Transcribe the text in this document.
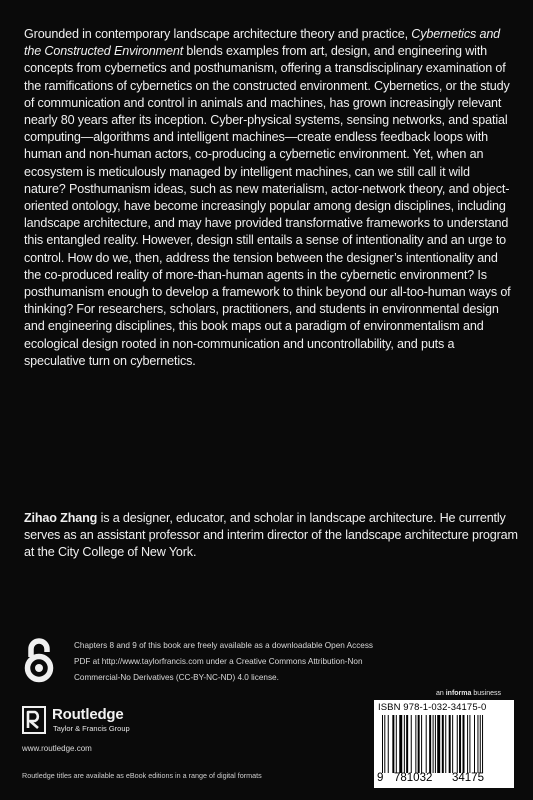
Grounded in contemporary landscape architecture theory and practice, Cybernetics and the Constructed Environment blends examples from art, design, and engineering with concepts from cybernetics and posthumanism, offering a transdisciplinary examination of the ramifications of cybernetics on the constructed environment. Cybernetics, or the study of communication and control in animals and machines, has grown increasingly relevant nearly 80 years after its inception. Cyber-physical systems, sensing networks, and spatial computing—algorithms and intelligent machines—create endless feedback loops with human and non-human actors, co-producing a cybernetic environment. Yet, when an ecosystem is meticulously managed by intelligent machines, can we still call it wild nature? Posthumanism ideas, such as new materialism, actor-network theory, and object-oriented ontology, have become increasingly popular among design disciplines, including landscape architecture, and may have provided transformative frameworks to understand this entangled reality. However, design still entails a sense of intentionality and an urge to control. How do we, then, address the tension between the designer’s intentionality and the co-produced reality of more-than-human agents in the cybernetic environment? Is posthumanism enough to develop a framework to think beyond our all-too-human ways of thinking? For researchers, scholars, practitioners, and students in environmental design and engineering disciplines, this book maps out a paradigm of environmentalism and ecological design rooted in non-communication and uncontrollability, and puts a speculative turn on cybernetics.

Zihao Zhang is a designer, educator, and scholar in landscape architecture. He currently serves as an assistant professor and interim director of the landscape architecture program at the City College of New York.

Chapters 8 and 9 of this book are freely available as a downloadable Open Access PDF at http://www.taylorfrancis.com under a Creative Commons Attribution-Non Commercial-No Derivatives (CC-BY-NC-ND) 4.0 license.

an informa business
Routledge
Taylor & Francis Group
www.routledge.com
Routledge titles are available as eBook editions in a range of digital formats
ISBN 978-1-032-34175-0
9 781032 34175
